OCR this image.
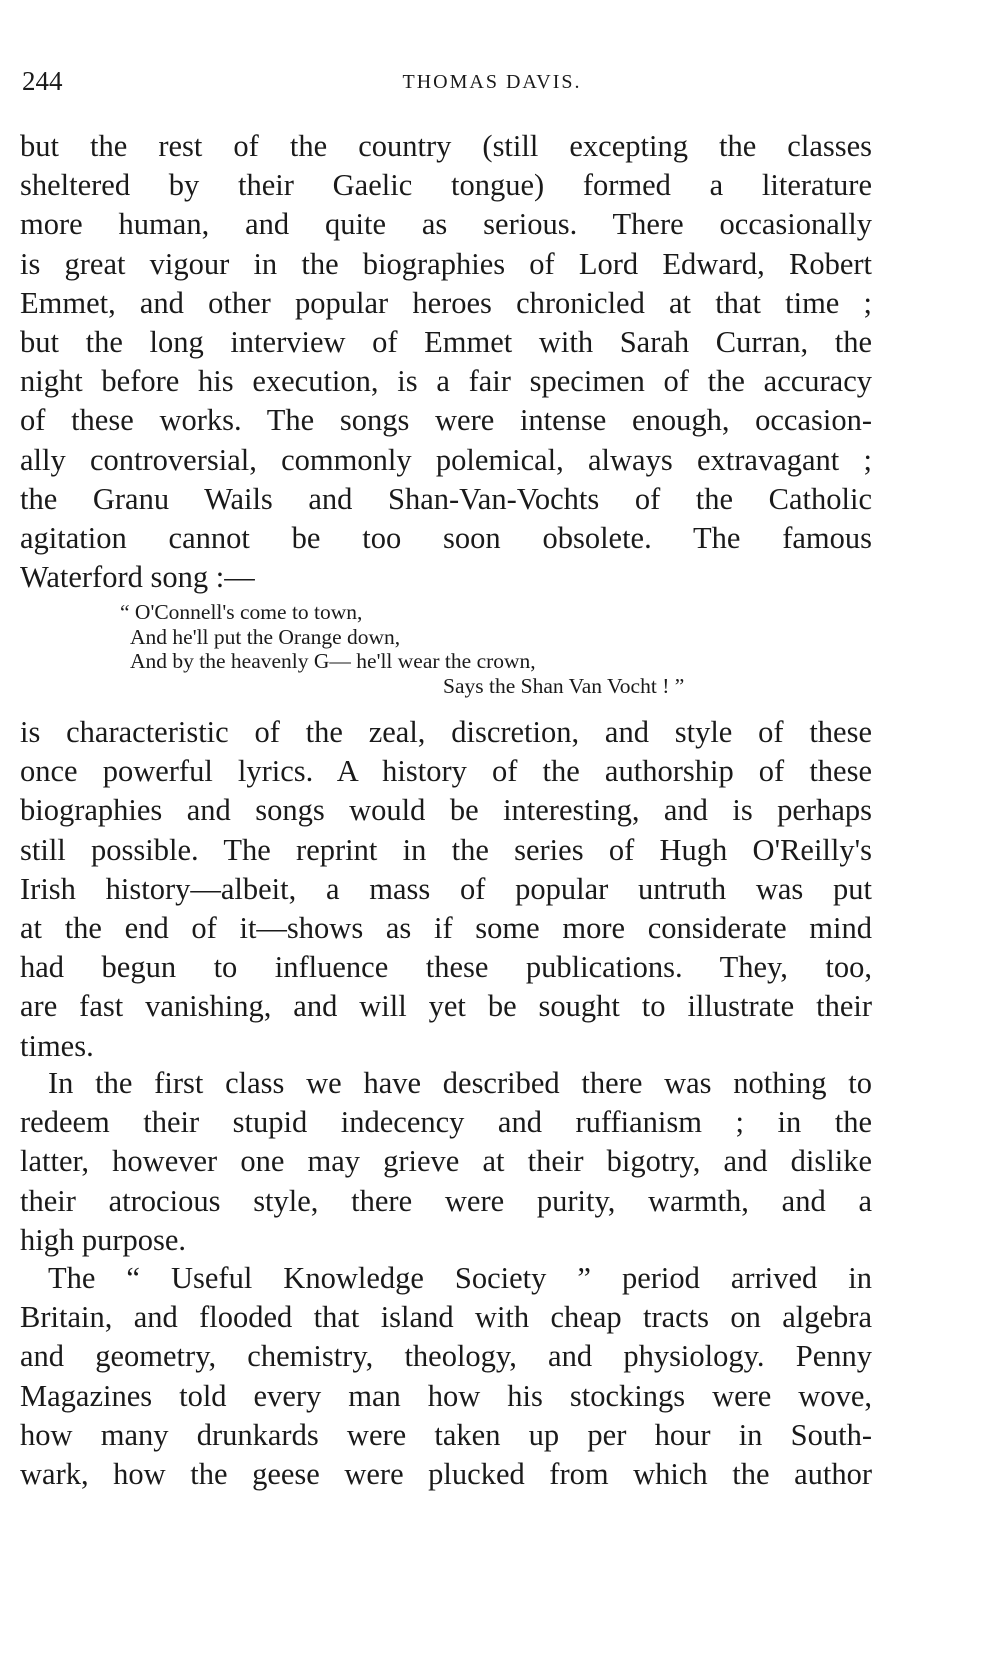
244	THOMAS DAVIS.
but the rest of the country (still excepting the classes
sheltered by their Gaelic tongue) formed a literature
more human, and quite as serious. There occasionally
is great vigour in the biographies of Lord Edward, Robert
Emmet, and other popular heroes chronicled at that time ;
but the long interview of Emmet with Sarah Curran, the
night before his execution, is a fair specimen of the accuracy
of these works. The songs were intense enough, occasion-
ally controversial, commonly polemical, always extravagant ;
the Granu Wails and Shan-Van-Vochts of the Catholic
agitation cannot be too soon obsolete. The famous
Waterford song :—
“ O'Connell's come to town,
And he'll put the Orange down,
And by the heavenly G— he'll wear the crown,
Says the Shan Van Vocht ! ”
is characteristic of the zeal, discretion, and style of these
once powerful lyrics. A history of the authorship of these
biographies and songs would be interesting, and is perhaps
still possible. The reprint in the series of Hugh O'Reilly's
Irish history—albeit, a mass of popular untruth was put
at the end of it—shows as if some more considerate mind
had begun to influence these publications. They, too,
are fast vanishing, and will yet be sought to illustrate their
times.
In the first class we have described there was nothing to
redeem their stupid indecency and ruffianism ; in the
latter, however one may grieve at their bigotry, and dislike
their atrocious style, there were purity, warmth, and a
high purpose.
The “ Useful Knowledge Society ” period arrived in
Britain, and flooded that island with cheap tracts on algebra
and geometry, chemistry, theology, and physiology. Penny
Magazines told every man how his stockings were wove,
how many drunkards were taken up per hour in South-
wark, how the geese were plucked from which the author
